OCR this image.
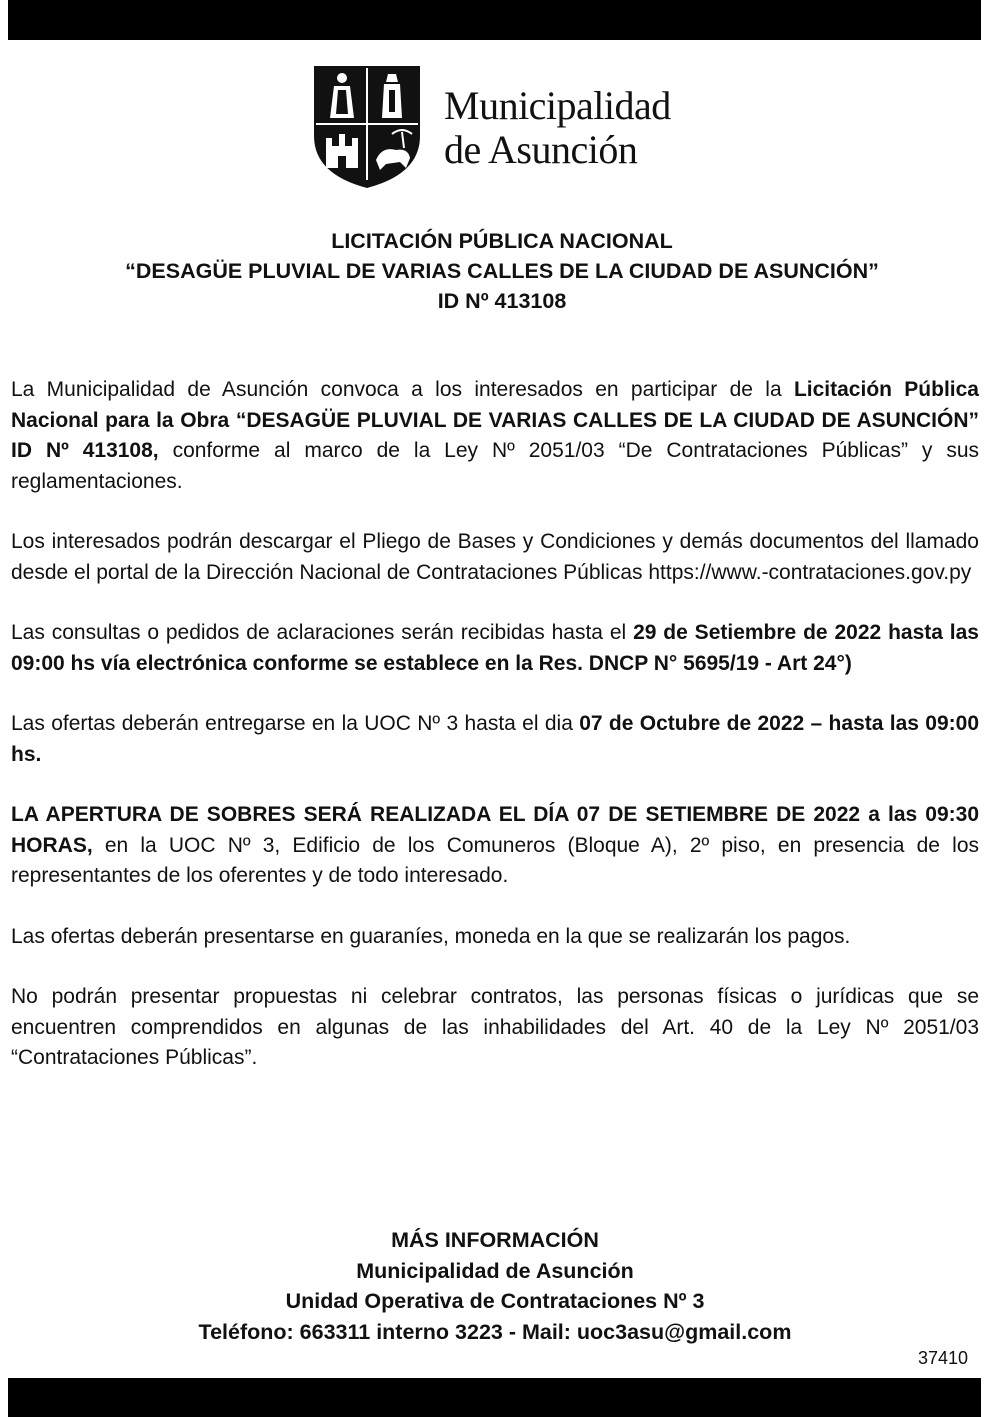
Municipalidad
de Asunción
LICITACIÓN PÚBLICA NACIONAL
“DESAGÜE PLUVIAL DE VARIAS CALLES DE LA CIUDAD DE ASUNCIÓN”
ID Nº 413108

La Municipalidad de Asunción convoca a los interesados en participar de la Licitación Pública Nacional para la Obra “DESAGÜE PLUVIAL DE VARIAS CALLES DE LA CIUDAD DE ASUNCIÓN” ID Nº 413108, conforme al marco de la Ley Nº 2051/03 “De Contrataciones Públicas” y sus reglamentaciones.

Los interesados podrán descargar el Pliego de Bases y Condiciones y demás documentos del llamado desde el portal de la Dirección Nacional de Contrataciones Públicas https://www.-contrataciones.gov.py

Las consultas o pedidos de aclaraciones serán recibidas hasta el 29 de Setiembre de 2022 hasta las 09:00 hs vía electrónica conforme se establece en la Res. DNCP N° 5695/19 - Art 24°)

Las ofertas deberán entregarse en la UOC Nº 3 hasta el dia 07 de Octubre de 2022 – hasta las 09:00 hs.

LA APERTURA DE SOBRES SERÁ REALIZADA EL DÍA 07 DE SETIEMBRE DE 2022 a las 09:30 HORAS, en la UOC Nº 3, Edificio de los Comuneros (Bloque A), 2º piso, en presencia de los representantes de los oferentes y de todo interesado.

Las ofertas deberán presentarse en guaraníes, moneda en la que se realizarán los pagos.

No podrán presentar propuestas ni celebrar contratos, las personas físicas o jurídicas que se encuentren comprendidos en algunas de las inhabilidades del Art. 40 de la Ley Nº 2051/03 “Contrataciones Públicas”.

MÁS INFORMACIÓN
Municipalidad de Asunción
Unidad Operativa de Contrataciones Nº 3
Teléfono: 663311 interno 3223 - Mail: uoc3asu@gmail.com
37410
